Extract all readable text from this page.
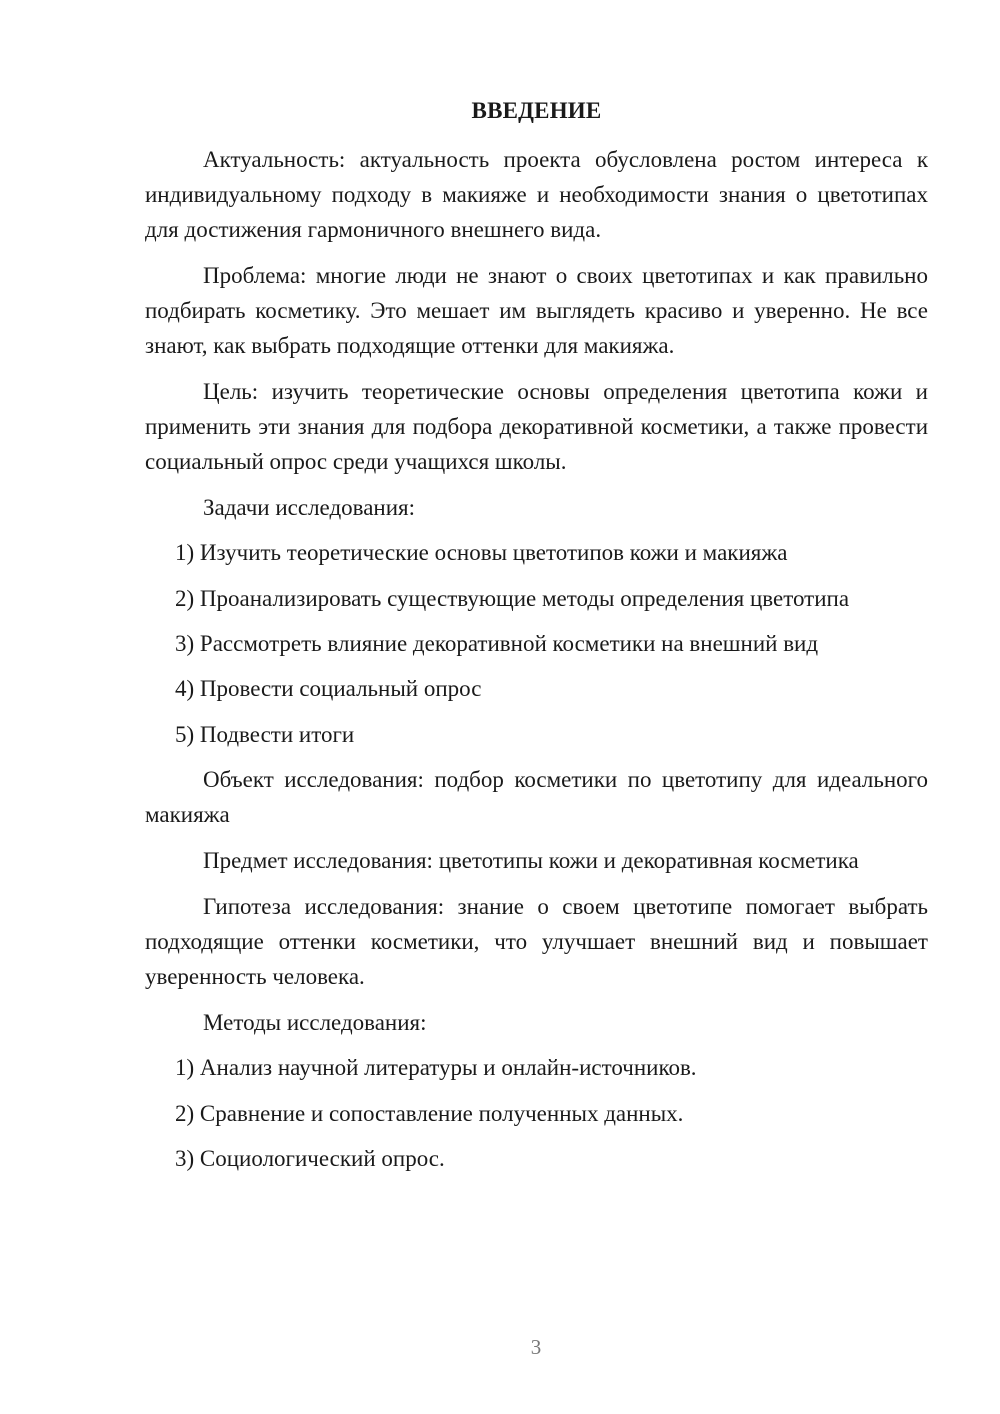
ВВЕДЕНИЕ

Актуальность: актуальность проекта обусловлена ростом интереса к индивидуальному подходу в макияже и необходимости знания о цветотипах для достижения гармоничного внешнего вида.

Проблема: многие люди не знают о своих цветотипах и как правильно подбирать косметику. Это мешает им выглядеть красиво и уверенно. Не все знают, как выбрать подходящие оттенки для макияжа.

Цель: изучить теоретические основы определения цветотипа кожи и применить эти знания для подбора декоративной косметики, а также провести социальный опрос среди учащихся школы.

Задачи исследования:

1) Изучить теоретические основы цветотипов кожи и макияжа

2) Проанализировать существующие методы определения цветотипа

3) Рассмотреть влияние декоративной косметики на внешний вид

4) Провести социальный опрос

5) Подвести итоги

Объект исследования: подбор косметики по цветотипу для идеального макияжа

Предмет исследования: цветотипы кожи и декоративная косметика

Гипотеза исследования: знание о своем цветотипе помогает выбрать подходящие оттенки косметики, что улучшает внешний вид и повышает уверенность человека.

Методы исследования:

1) Анализ научной литературы и онлайн-источников.

2) Сравнение и сопоставление полученных данных.

3) Социологический опрос.

3
